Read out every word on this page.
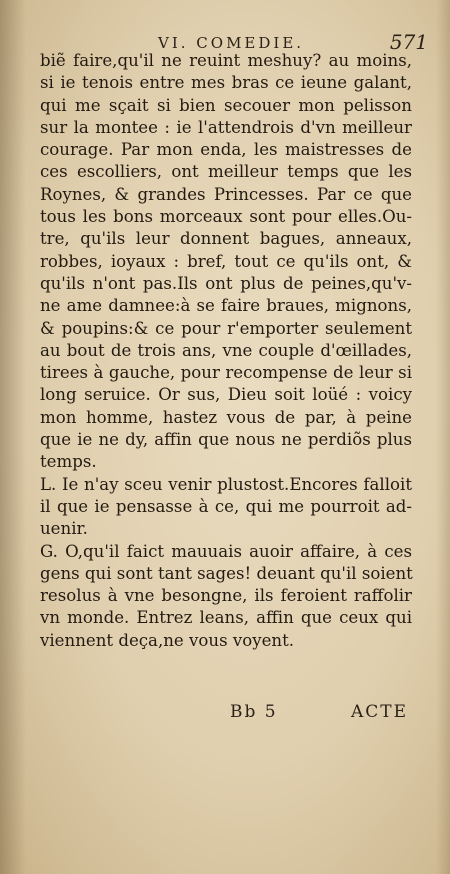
VI. COMEDIE.	571
biẽ faire,qu'il ne reuint meshuy? au moins,
si ie tenois entre mes bras ce ieune galant,
qui me sçait si bien secouer mon pelisson
sur la montee : ie l'attendrois d'vn meilleur
courage. Par mon enda, les maistresses de
ces escolliers, ont meilleur temps que les
Roynes, & grandes Princesses. Par ce que
tous les bons morceaux sont pour elles.Ou-
tre, qu'ils leur donnent bagues, anneaux,
robbes, ioyaux : bref, tout ce qu'ils ont, &
qu'ils n'ont pas.Ils ont plus de peines,qu'v-
ne ame damnee:à se faire braues, mignons,
& poupins:& ce pour r'emporter seulement
au bout de trois ans, vne couple d'œillades,
tirees à gauche, pour recompense de leur si
long seruice. Or sus, Dieu soit loüé : voicy
mon homme, hastez vous de par, à peine
que ie ne dy, affin que nous ne perdiõs plus
temps.
L. Ie n'ay sceu venir plustost.Encores falloit
il que ie pensasse à ce, qui me pourroit ad-
uenir.
G. O,qu'il faict mauuais auoir affaire, à ces
gens qui sont tant sages! deuant qu'il soient
resolus à vne besongne, ils feroient raffolir
vn monde. Entrez leans, affin que ceux qui
viennent deça,ne vous voyent.
Bb 5	ACTE
